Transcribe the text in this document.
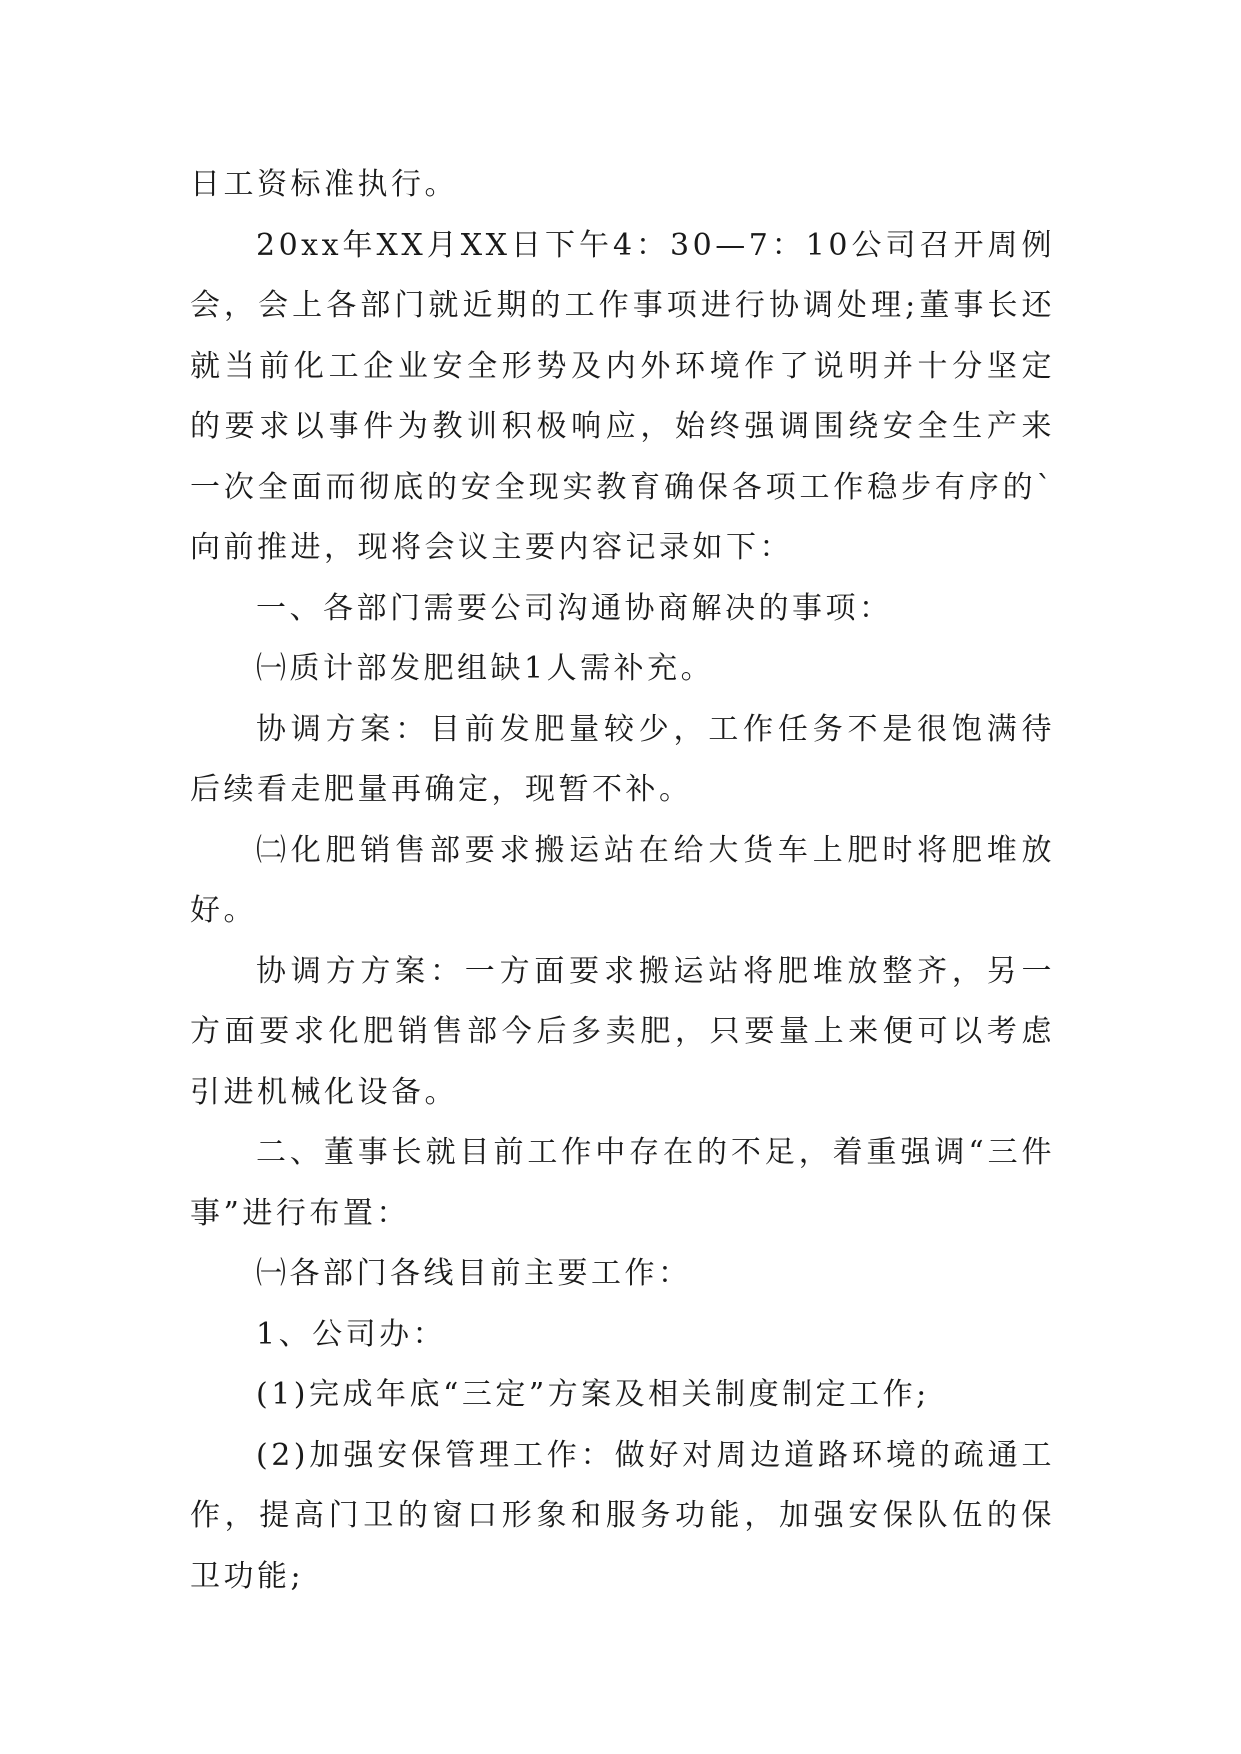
日工资标准执行。

20xx年XX月XX日下午4：30—7：10公司召开周例会，会上各部门就近期的工作事项进行协调处理;董事长还就当前化工企业安全形势及内外环境作了说明并十分坚定的要求以事件为教训积极响应，始终强调围绕安全生产来一次全面而彻底的安全现实教育确保各项工作稳步有序的`向前推进，现将会议主要内容记录如下：

一、各部门需要公司沟通协商解决的事项：

㈠质计部发肥组缺1人需补充。

协调方案：目前发肥量较少，工作任务不是很饱满待后续看走肥量再确定，现暂不补。

㈡化肥销售部要求搬运站在给大货车上肥时将肥堆放好。

协调方方案：一方面要求搬运站将肥堆放整齐，另一方面要求化肥销售部今后多卖肥，只要量上来便可以考虑引进机械化设备。

二、董事长就目前工作中存在的不足，着重强调“三件事”进行布置：

㈠各部门各线目前主要工作：

1、公司办：

(1)完成年底“三定”方案及相关制度制定工作;

(2)加强安保管理工作：做好对周边道路环境的疏通工作，提高门卫的窗口形象和服务功能，加强安保队伍的保卫功能;
